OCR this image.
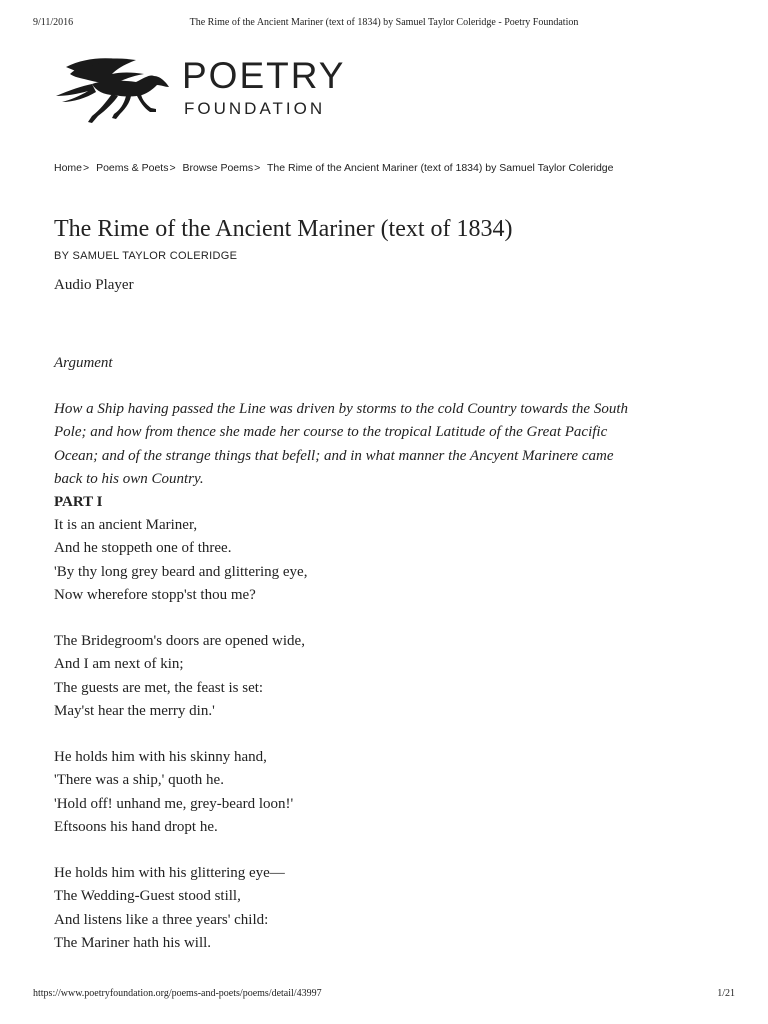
9/11/2016	The Rime of the Ancient Mariner (text of 1834) by Samuel Taylor Coleridge - Poetry Foundation
POETRY
FOUNDATION
Home> Poems & Poets> Browse Poems> The Rime of the Ancient Mariner (text of 1834) by Samuel Taylor Coleridge
The Rime of the Ancient Mariner (text of 1834)
BY SAMUEL TAYLOR COLERIDGE
Audio Player
Argument
How a Ship having passed the Line was driven by storms to the cold Country towards the South
Pole; and how from thence she made her course to the tropical Latitude of the Great Pacific
Ocean; and of the strange things that befell; and in what manner the Ancyent Marinere came
back to his own Country.
PART I
It is an ancient Mariner,
And he stoppeth one of three.
'By thy long grey beard and glittering eye,
Now wherefore stopp'st thou me?
The Bridegroom's doors are opened wide,
And I am next of kin;
The guests are met, the feast is set:
May'st hear the merry din.'
He holds him with his skinny hand,
'There was a ship,' quoth he.
'Hold off! unhand me, grey-beard loon!'
Eftsoons his hand dropt he.
He holds him with his glittering eye—
The Wedding-Guest stood still,
And listens like a three years' child:
The Mariner hath his will.
https://www.poetryfoundation.org/poems-and-poets/poems/detail/43997	1/21
